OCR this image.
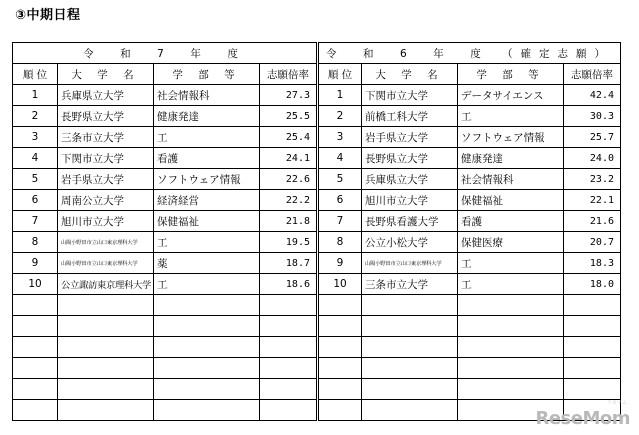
③中期日程
令　和　7　年　度			
順 位	大 学 名	学 部 等	志願倍率
1	兵庫県立大学	社会情報科	27.3
2	長野県立大学	健康発達	25.5
3	三条市立大学	工	25.4
4	下関市立大学	看護	24.1
5	岩手県立大学	ソフトウェア情報	22.6
6	周南公立大学	経済経営	22.2
7	旭川市立大学	保健福祉	21.8
8	山陽小野田市立山口東京理科大学	工	19.5
9	山陽小野田市立山口東京理科大学	薬	18.7
10	公立諏訪東京理科大学	工	18.6

令　和　6　年　度　（確定志願）			
順 位	大 学 名	学 部 等	志願倍率
1	下関市立大学	データサイエンス	42.4
2	前橋工科大学	工	30.3
3	岩手県立大学	ソフトウェア情報	25.7
4	長野県立大学	健康発達	24.0
5	兵庫県立大学	社会情報科	23.2
6	旭川市立大学	保健福祉	22.1
7	長野県看護大学	看護	21.6
8	公立小松大学	保健医療	20.7
9	山陽小野田市立山口東京理科大学	工	18.3
10	三条市立大学	工	18.0

リセマム
ReseMom
